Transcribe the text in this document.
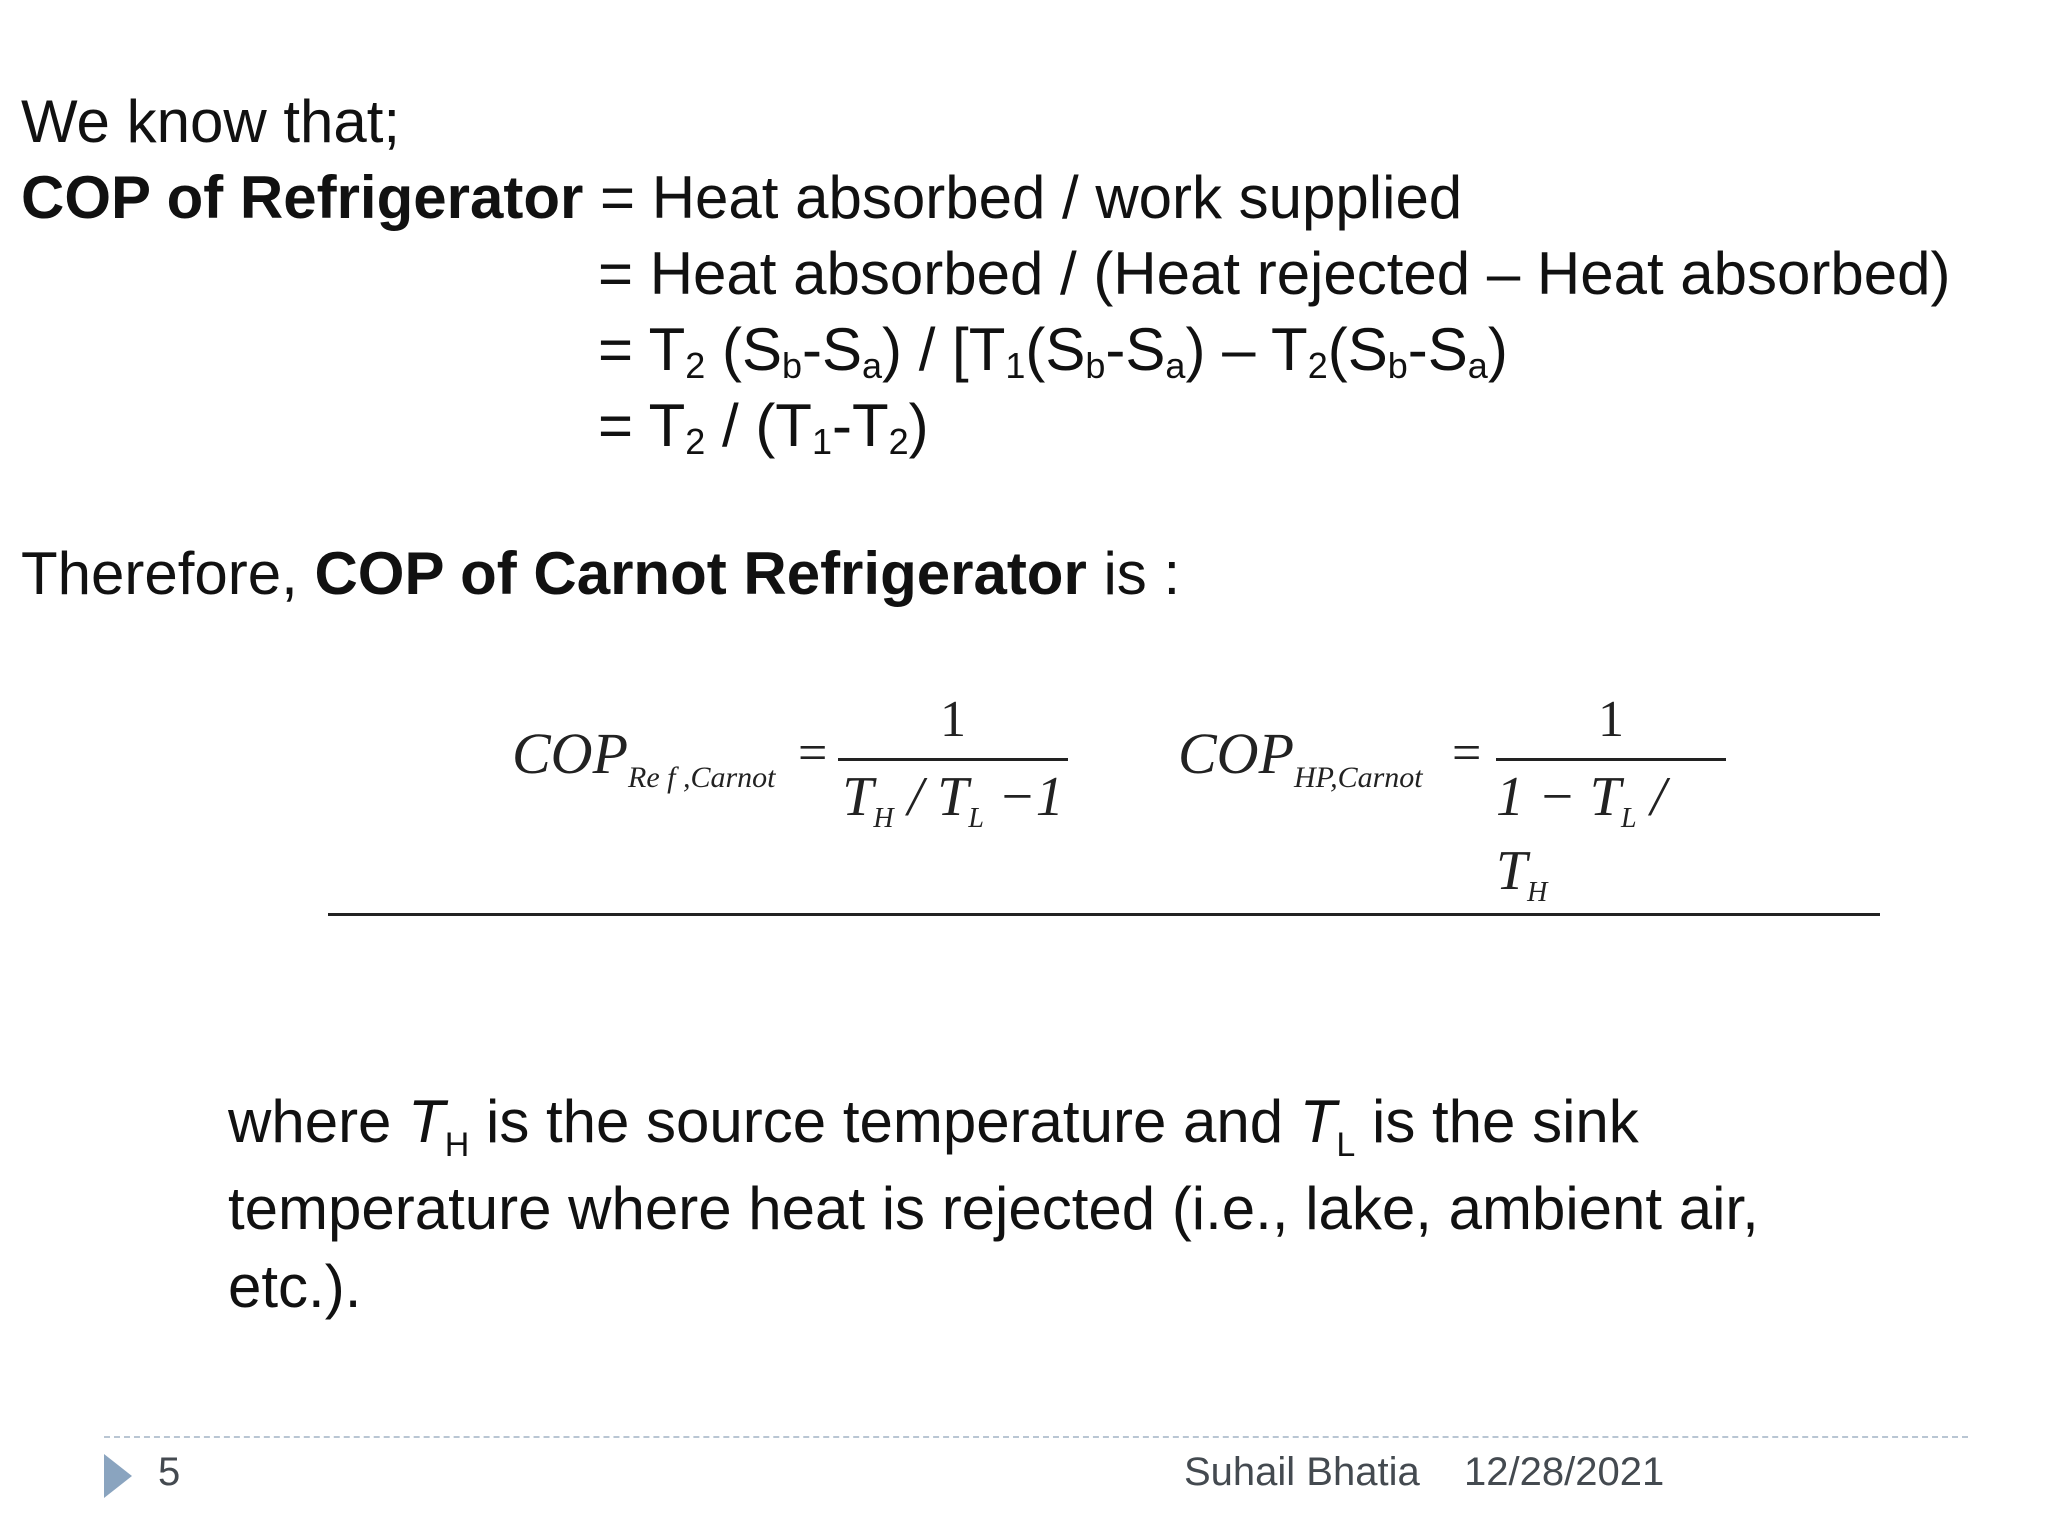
We know that;
COP of Refrigerator = Heat absorbed / work supplied
= Heat absorbed / (Heat rejected – Heat absorbed)
= T2 (Sb-Sa) / [T1(Sb-Sa) – T2(Sb-Sa)
= T2 / (T1-T2)
Therefore, COP of Carnot Refrigerator is :
$COP_{Re f ,Carnot}$ =
1
$T_H / T_L -1$
$COP_{HP,Carnot}$ =
1
$1 - T_L / T_H$
where $T_H$ is the source temperature and $T_L$ is the sink temperature where heat is rejected (i.e., lake, ambient air, etc.).
5	Suhail Bhatia 12/28/2021
